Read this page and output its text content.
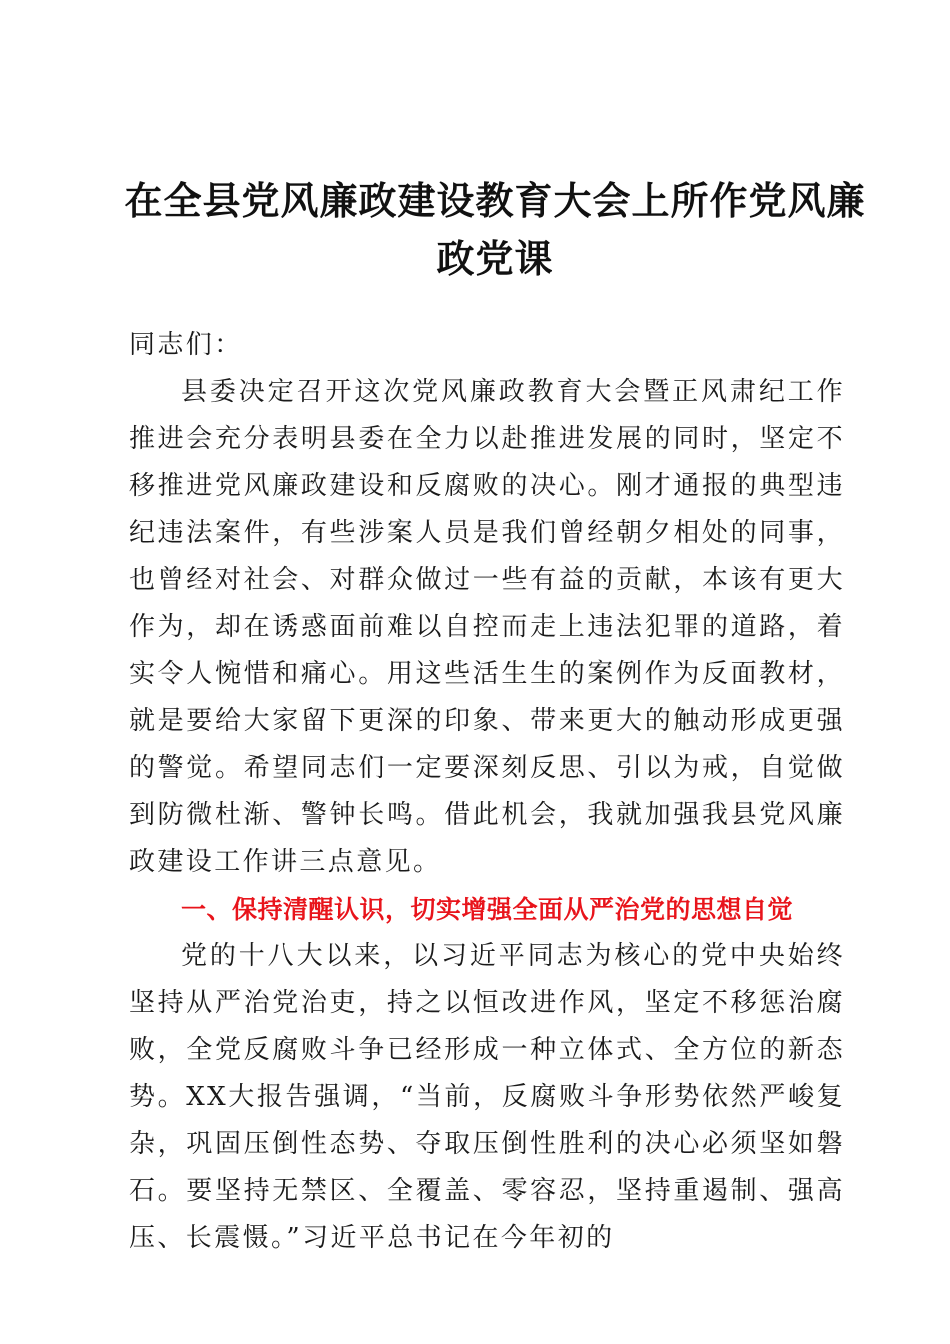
在全县党风廉政建设教育大会上所作党风廉政党课

同志们：

县委决定召开这次党风廉政教育大会暨正风肃纪工作推进会充分表明县委在全力以赴推进发展的同时，坚定不移推进党风廉政建设和反腐败的决心。刚才通报的典型违纪违法案件，有些涉案人员是我们曾经朝夕相处的同事，也曾经对社会、对群众做过一些有益的贡献，本该有更大作为，却在诱惑面前难以自控而走上违法犯罪的道路，着实令人惋惜和痛心。用这些活生生的案例作为反面教材，就是要给大家留下更深的印象、带来更大的触动形成更强的警觉。希望同志们一定要深刻反思、引以为戒，自觉做到防微杜渐、警钟长鸣。借此机会，我就加强我县党风廉政建设工作讲三点意见。

一、保持清醒认识，切实增强全面从严治党的思想自觉

党的十八大以来，以习近平同志为核心的党中央始终坚持从严治党治吏，持之以恒改进作风，坚定不移惩治腐败，全党反腐败斗争已经形成一种立体式、全方位的新态势。XX大报告强调，“当前，反腐败斗争形势依然严峻复杂，巩固压倒性态势、夺取压倒性胜利的决心必须坚如磐石。要坚持无禁区、全覆盖、零容忍，坚持重遏制、强高压、长震慑。”习近平总书记在今年初的
